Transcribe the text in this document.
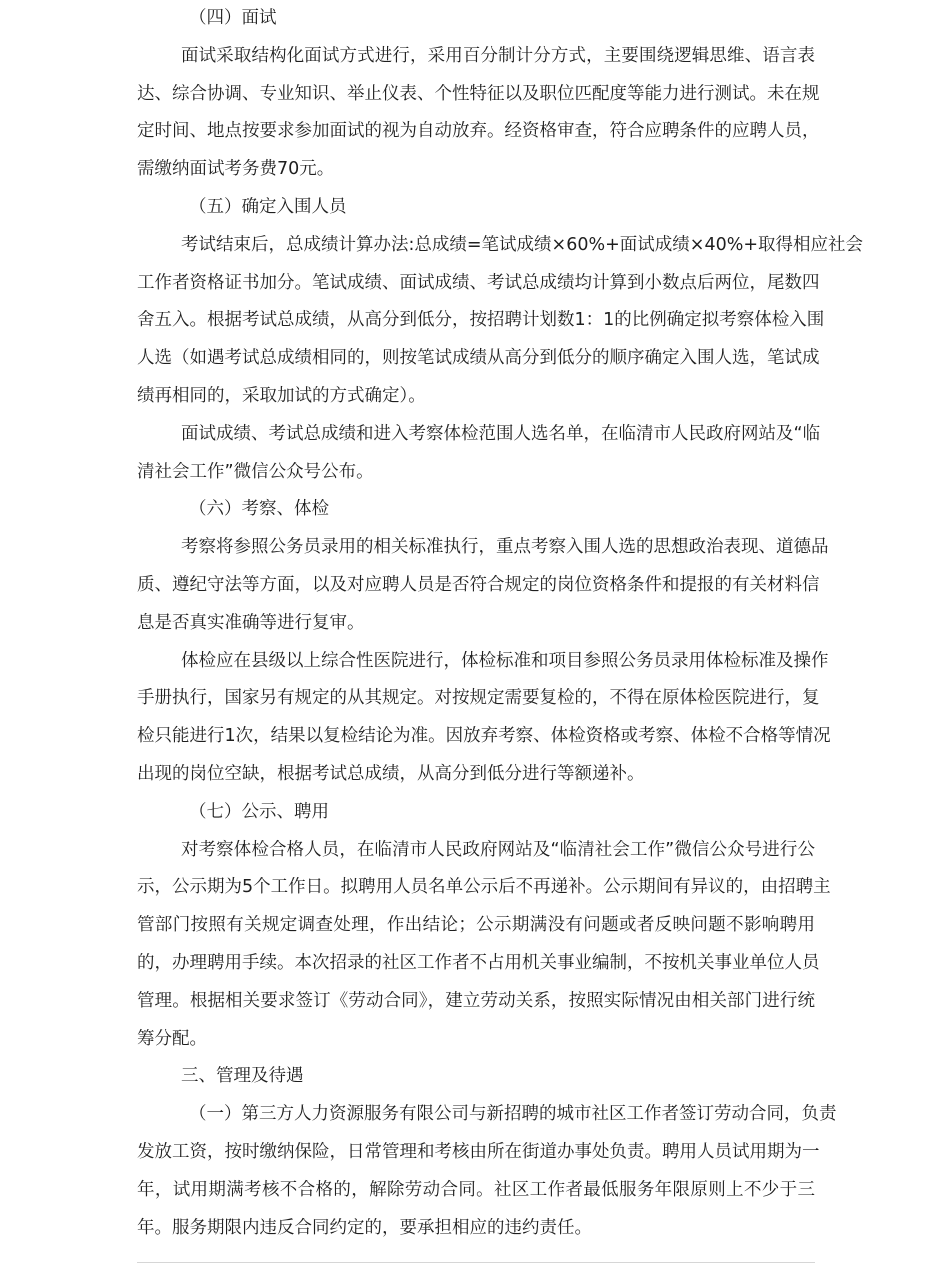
（四）面试
面试采取结构化面试方式进行，采用百分制计分方式，主要围绕逻辑思维、语言表
达、综合协调、专业知识、举止仪表、个性特征以及职位匹配度等能力进行测试。未在规
定时间、地点按要求参加面试的视为自动放弃。经资格审查，符合应聘条件的应聘人员，
需缴纳面试考务费70元。
（五）确定入围人员
考试结束后，总成绩计算办法:总成绩=笔试成绩×60%+面试成绩×40%+取得相应社会
工作者资格证书加分。笔试成绩、面试成绩、考试总成绩均计算到小数点后两位，尾数四
舍五入。根据考试总成绩，从高分到低分，按招聘计划数1：1的比例确定拟考察体检入围
人选（如遇考试总成绩相同的，则按笔试成绩从高分到低分的顺序确定入围人选，笔试成
绩再相同的，采取加试的方式确定）。
面试成绩、考试总成绩和进入考察体检范围人选名单，在临清市人民政府网站及“临
清社会工作”微信公众号公布。
（六）考察、体检
考察将参照公务员录用的相关标准执行，重点考察入围人选的思想政治表现、道德品
质、遵纪守法等方面，以及对应聘人员是否符合规定的岗位资格条件和提报的有关材料信
息是否真实准确等进行复审。
体检应在县级以上综合性医院进行，体检标准和项目参照公务员录用体检标准及操作
手册执行，国家另有规定的从其规定。对按规定需要复检的，不得在原体检医院进行，复
检只能进行1次，结果以复检结论为准。因放弃考察、体检资格或考察、体检不合格等情况
出现的岗位空缺，根据考试总成绩，从高分到低分进行等额递补。
（七）公示、聘用
对考察体检合格人员，在临清市人民政府网站及“临清社会工作”微信公众号进行公
示，公示期为5个工作日。拟聘用人员名单公示后不再递补。公示期间有异议的，由招聘主
管部门按照有关规定调查处理，作出结论；公示期满没有问题或者反映问题不影响聘用
的，办理聘用手续。本次招录的社区工作者不占用机关事业编制，不按机关事业单位人员
管理。根据相关要求签订《劳动合同》，建立劳动关系，按照实际情况由相关部门进行统
筹分配。
三、管理及待遇
（一）第三方人力资源服务有限公司与新招聘的城市社区工作者签订劳动合同，负责
发放工资，按时缴纳保险，日常管理和考核由所在街道办事处负责。聘用人员试用期为一
年，试用期满考核不合格的，解除劳动合同。社区工作者最低服务年限原则上不少于三
年。服务期限内违反合同约定的，要承担相应的违约责任。
